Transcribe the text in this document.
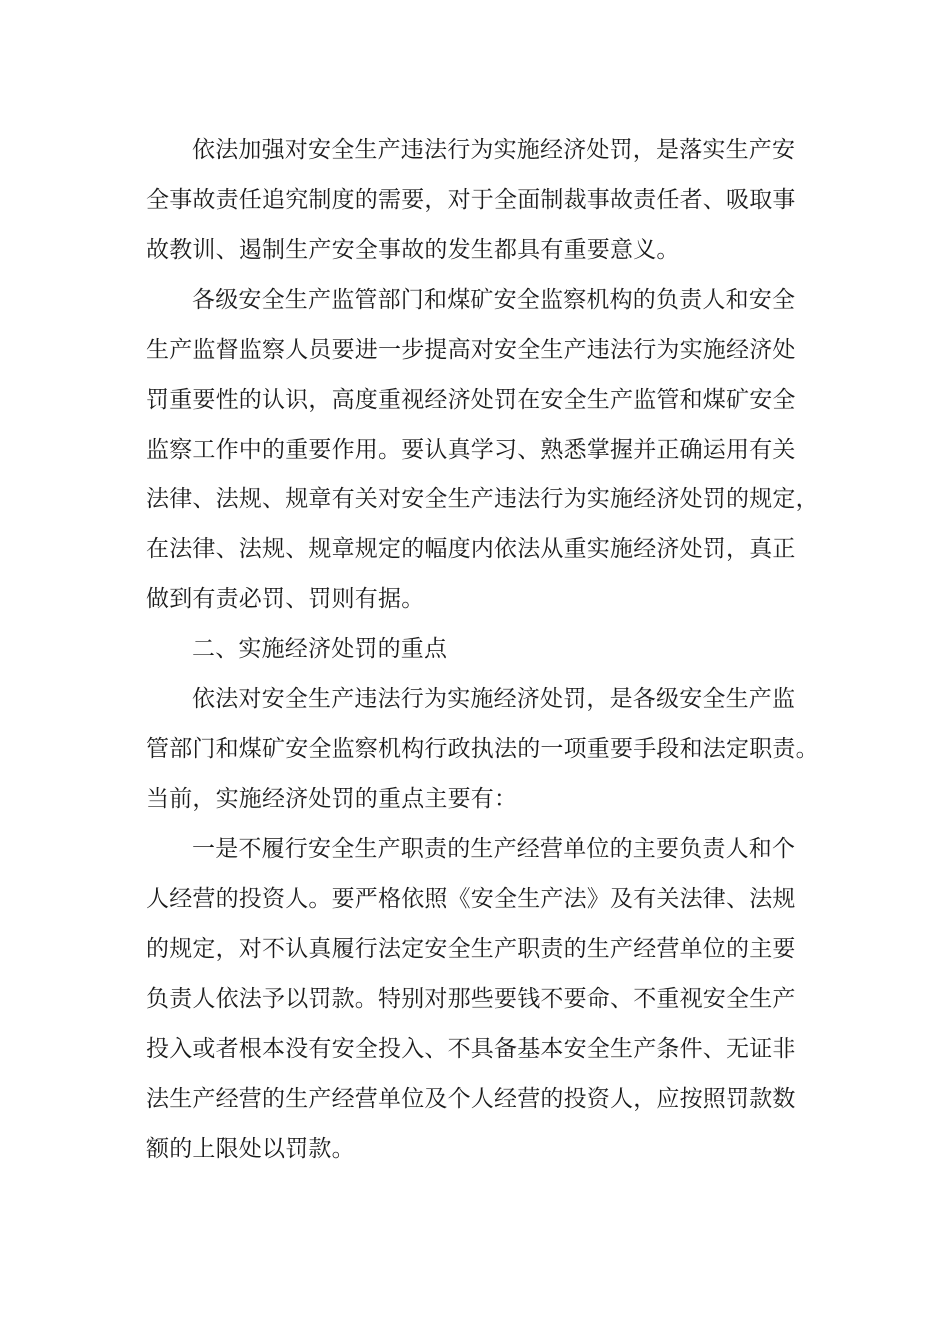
依法加强对安全生产违法行为实施经济处罚，是落实生产安
全事故责任追究制度的需要，对于全面制裁事故责任者、吸取事
故教训、遏制生产安全事故的发生都具有重要意义。
各级安全生产监管部门和煤矿安全监察机构的负责人和安全
生产监督监察人员要进一步提高对安全生产违法行为实施经济处
罚重要性的认识，高度重视经济处罚在安全生产监管和煤矿安全
监察工作中的重要作用。要认真学习、熟悉掌握并正确运用有关
法律、法规、规章有关对安全生产违法行为实施经济处罚的规定，
在法律、法规、规章规定的幅度内依法从重实施经济处罚，真正
做到有责必罚、罚则有据。
二、实施经济处罚的重点
依法对安全生产违法行为实施经济处罚，是各级安全生产监
管部门和煤矿安全监察机构行政执法的一项重要手段和法定职责。
当前，实施经济处罚的重点主要有：
一是不履行安全生产职责的生产经营单位的主要负责人和个
人经营的投资人。要严格依照《安全生产法》及有关法律、法规
的规定，对不认真履行法定安全生产职责的生产经营单位的主要
负责人依法予以罚款。特别对那些要钱不要命、不重视安全生产
投入或者根本没有安全投入、不具备基本安全生产条件、无证非
法生产经营的生产经营单位及个人经营的投资人，应按照罚款数
额的上限处以罚款。
